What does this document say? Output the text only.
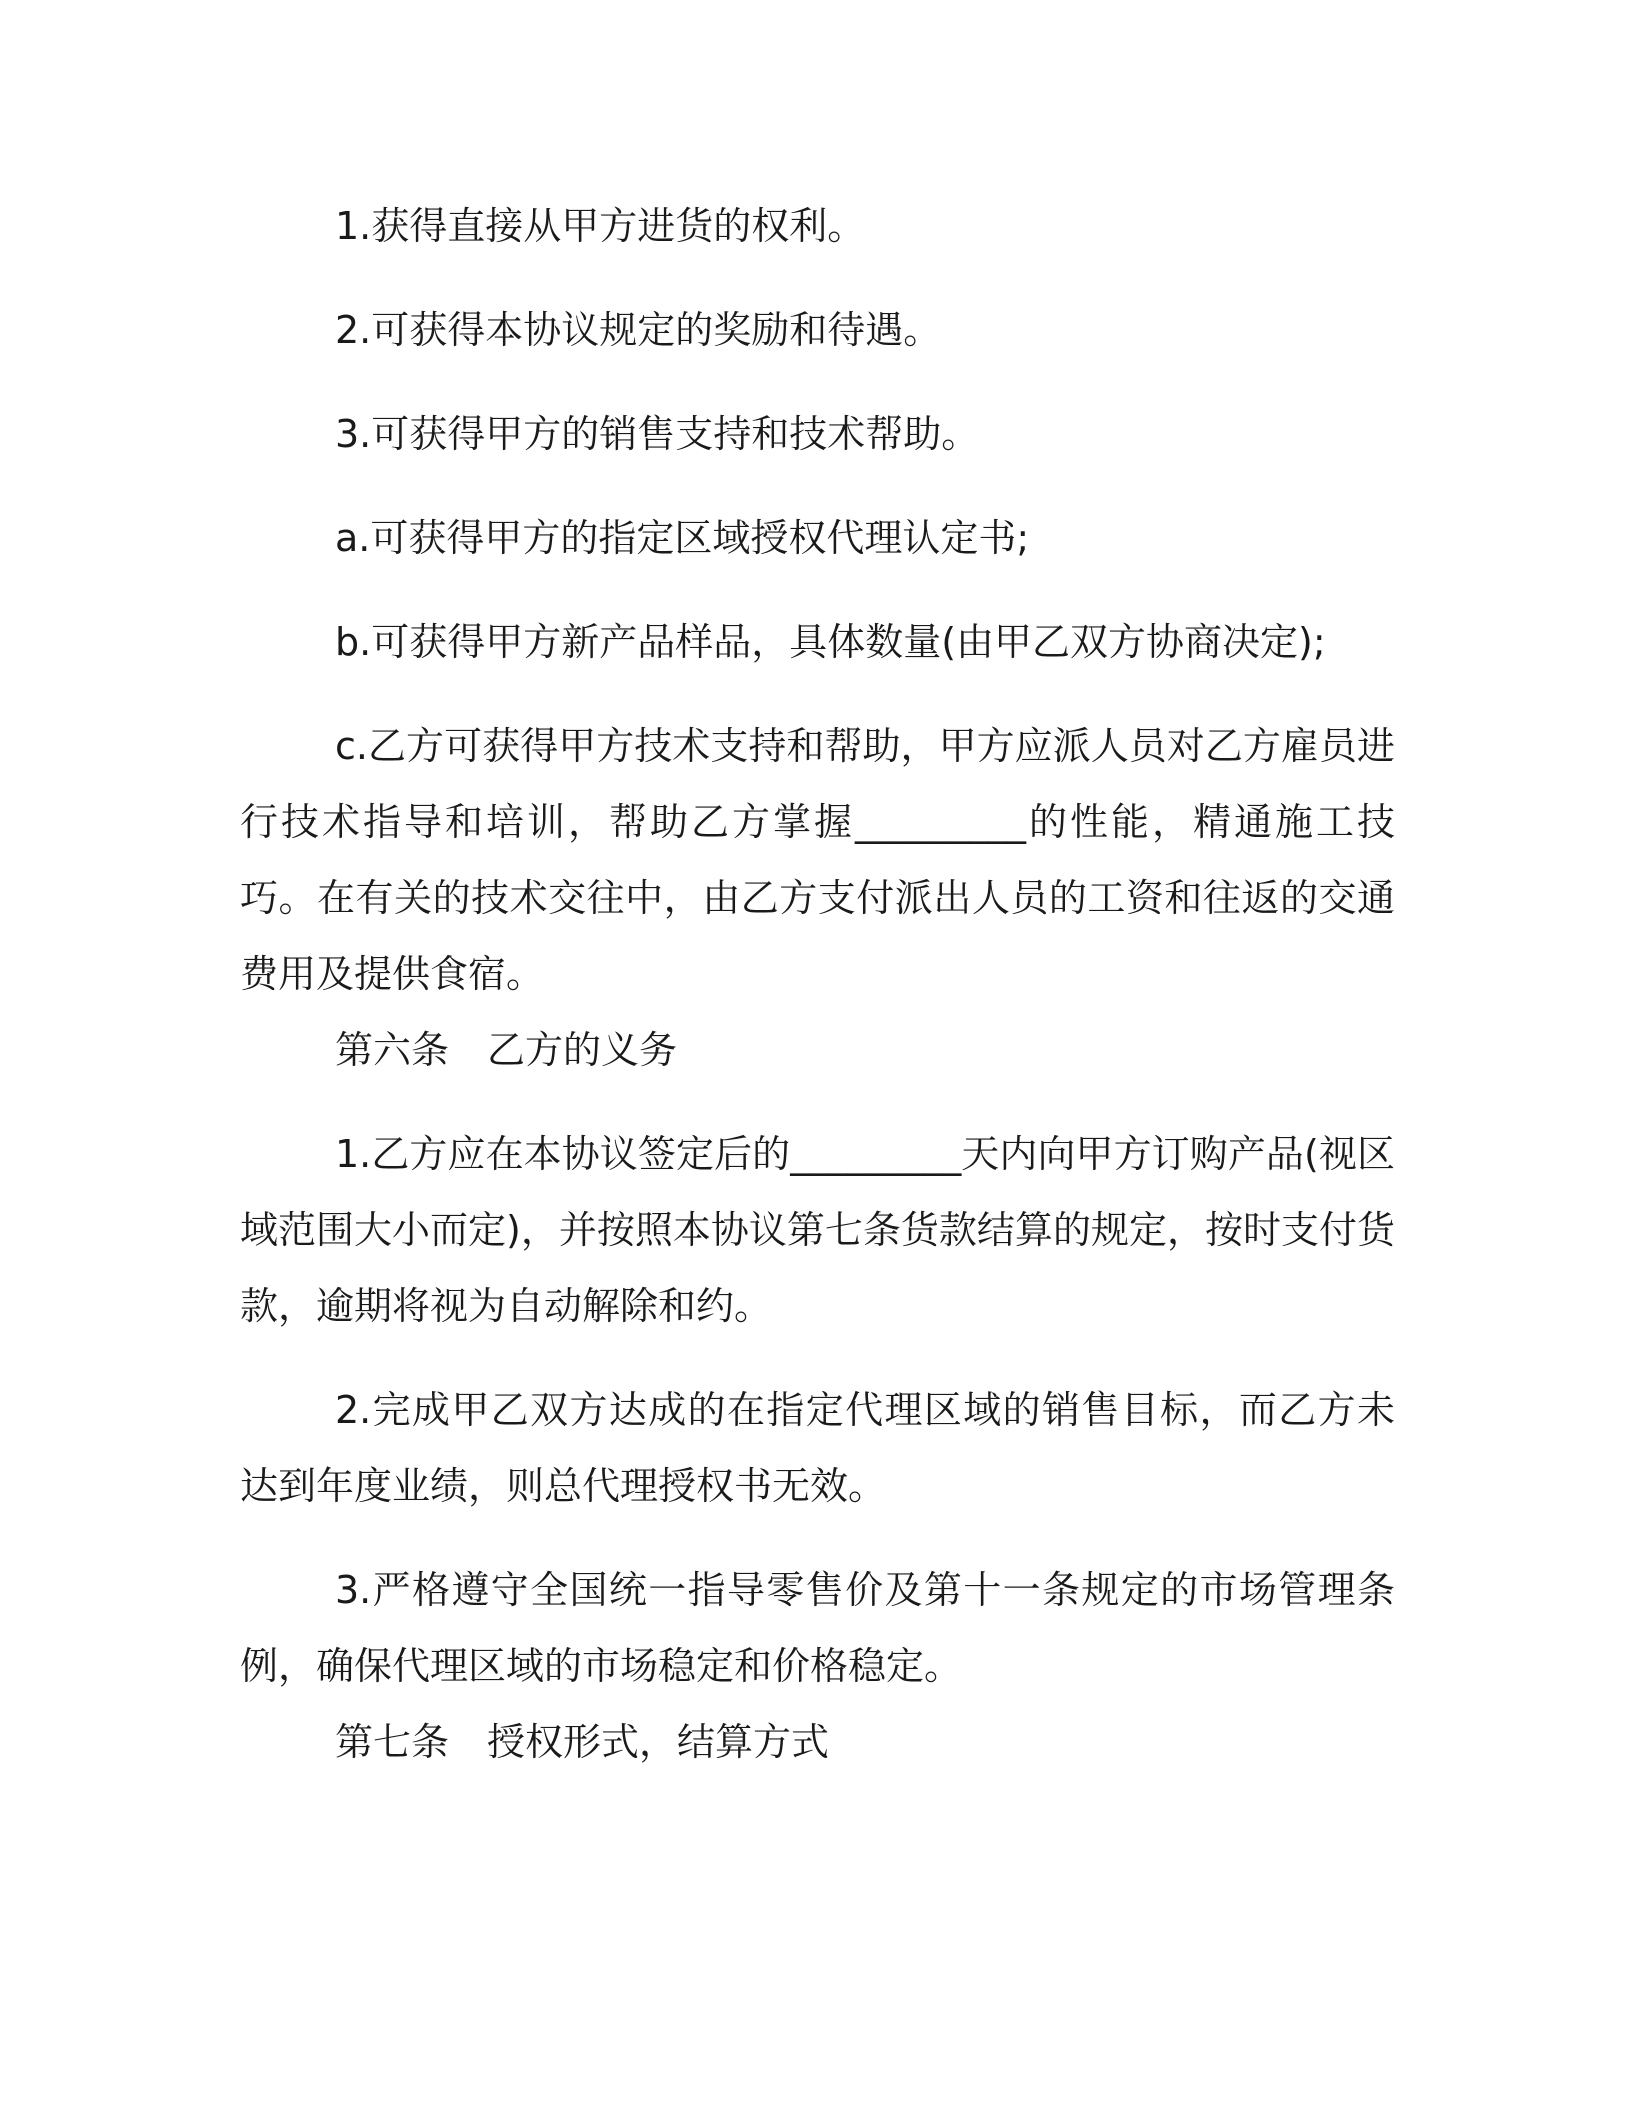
1.获得直接从甲方进货的权利。

2.可获得本协议规定的奖励和待遇。

3.可获得甲方的销售支持和技术帮助。

a.可获得甲方的指定区域授权代理认定书;

b.可获得甲方新产品样品，具体数量(由甲乙双方协商决定);

c.乙方可获得甲方技术支持和帮助，甲方应派人员对乙方雇员进行技术指导和培训，帮助乙方掌握_________的性能，精通施工技巧。在有关的技术交往中，由乙方支付派出人员的工资和往返的交通费用及提供食宿。

第六条　乙方的义务

1.乙方应在本协议签定后的_________天内向甲方订购产品(视区域范围大小而定)，并按照本协议第七条货款结算的规定，按时支付货款，逾期将视为自动解除和约。

2.完成甲乙双方达成的在指定代理区域的销售目标，而乙方未达到年度业绩，则总代理授权书无效。

3.严格遵守全国统一指导零售价及第十一条规定的市场管理条例，确保代理区域的市场稳定和价格稳定。

第七条　授权形式，结算方式
